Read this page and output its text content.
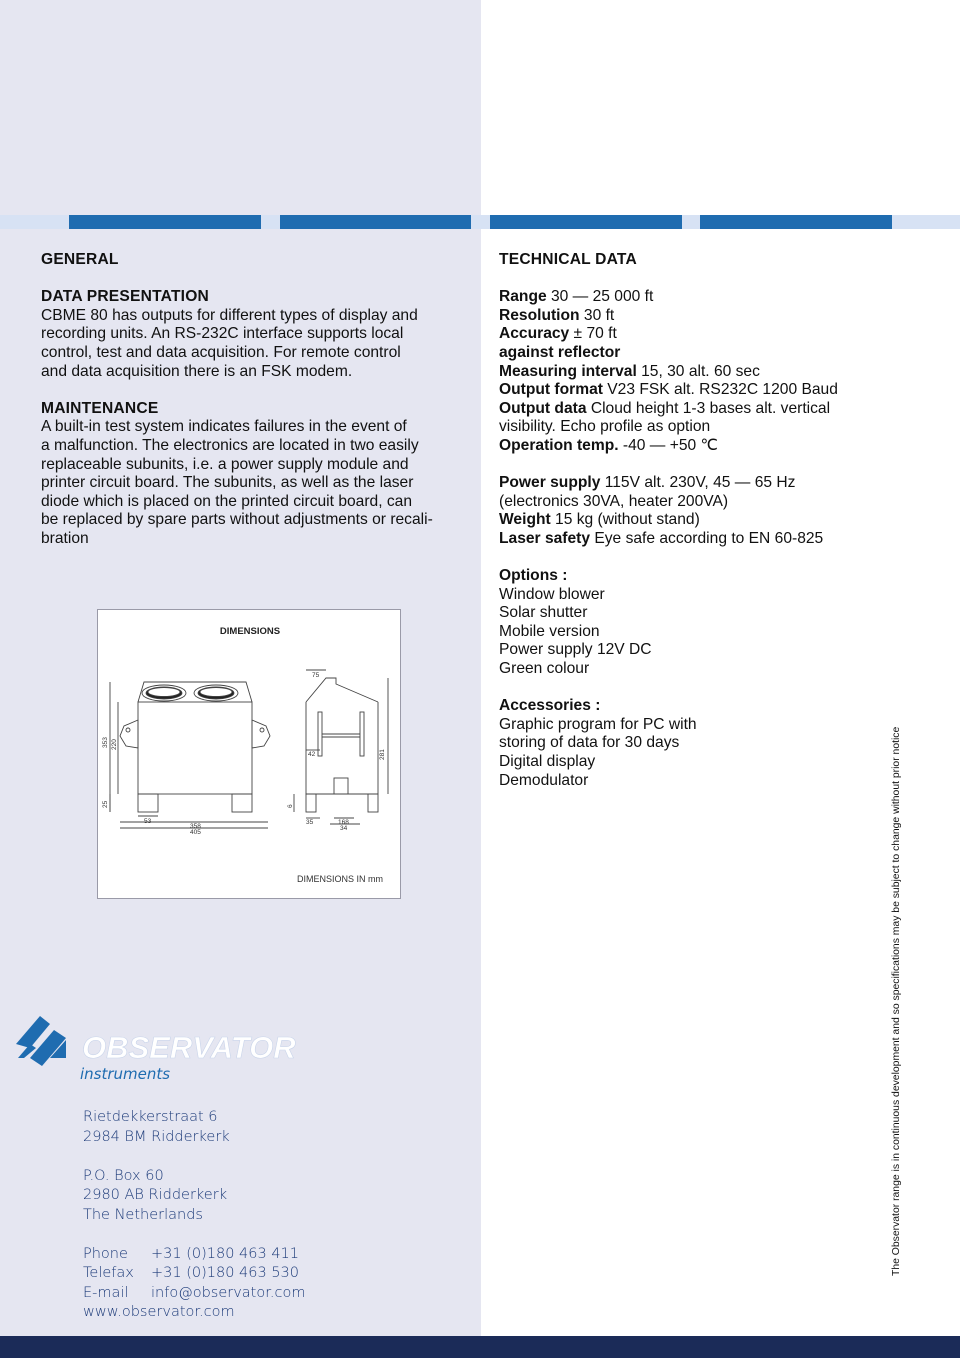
GENERAL
DATA PRESENTATION

CBME 80 has outputs for different types of display and

recording units. An RS-232C interface supports local

control, test and data acquisition. For remote control

and data acquisition there is an FSK modem.

MAINTENANCE

A built-in test system indicates failures in the event of

a malfunction. The electronics are located in two easily

replaceable subunits, i.e. a power supply module and

printer circuit board. The subunits, as well as the laser

diode which is placed on the printed circuit board, can

be replaced by spare parts without adjustments or recali-

bration

DIMENSIONS
353 220
25
53
358
405
75
42	281
6
35	168
34
DIMENSIONS IN mm
TECHNICAL DATA

Range 30 — 25 000 ft

Resolution 30 ft

Accuracy ± 70 ft

against reflector

Measuring interval 15, 30 alt. 60 sec

Output format V23 FSK alt. RS232C 1200 Baud

Output data Cloud height 1-3 bases alt. vertical

visibility. Echo profile as option

Operation temp. -40 — +50 ℃

Power supply 115V alt. 230V, 45 — 65 Hz

(electronics 30VA, heater 200VA)

Weight 15 kg (without stand)

Laser safety Eye safe according to EN 60-825

Options :

Window blower

Solar shutter

Mobile version

Power supply 12V DC

Green colour

Accessories :

Graphic program for PC with

storing of data for 30 days

Digital display

Demodulator

OBSERVATOR
instruments
Rietdekkerstraat 6
2984 BM Ridderkerk
P.O. Box 60
2980 AB Ridderkerk
The Netherlands
Phone	+31 (0)180 463 411
Telefax	+31 (0)180 463 530
E-mail	info@observator.com
www.observator.com
The Observator range is in continuous development and so specifications may be subject to change without prior notice
